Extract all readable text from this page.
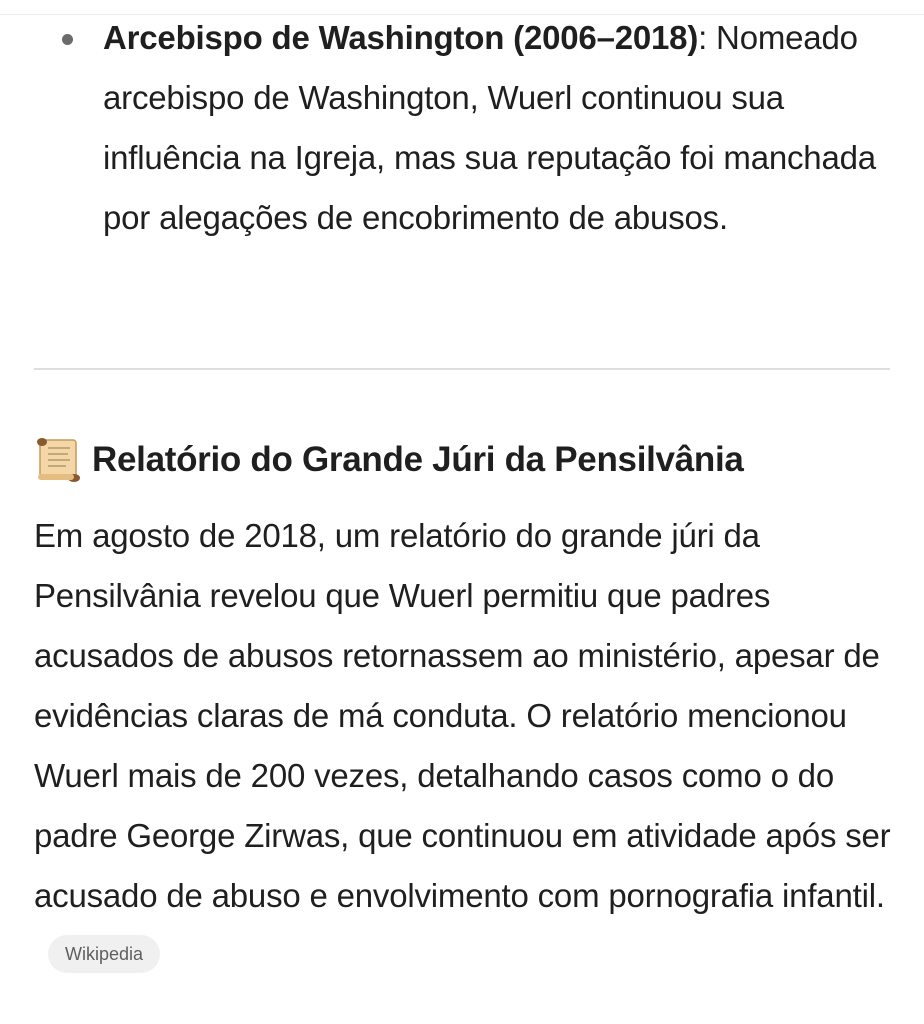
Arcebispo de Washington (2006–2018): Nomeado arcebispo de Washington, Wuerl continuou sua influência na Igreja, mas sua reputação foi manchada por alegações de encobrimento de abusos.
Relatório do Grande Júri da Pensilvânia

Em agosto de 2018, um relatório do grande júri da Pensilvânia revelou que Wuerl permitiu que padres acusados de abusos retornassem ao ministério, apesar de evidências claras de má conduta. O relatório mencionou Wuerl mais de 200 vezes, detalhando casos como o do padre George Zirwas, que continuou em atividade após ser acusado de abuso e envolvimento com pornografia infantil.Wikipedia
